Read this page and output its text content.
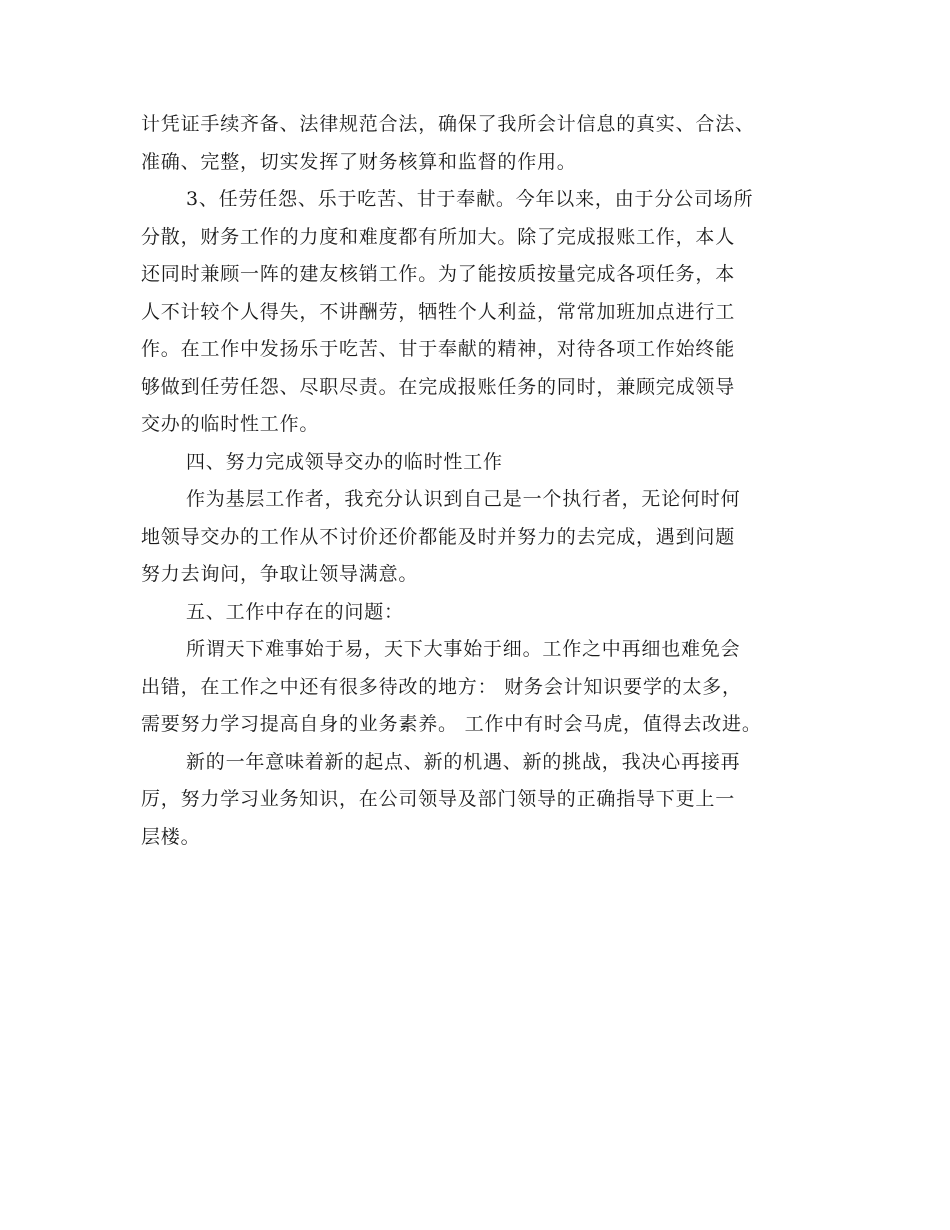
计凭证手续齐备、法律规范合法，确保了我所会计信息的真实、合法、
准确、完整，切实发挥了财务核算和监督的作用。
3、任劳任怨、乐于吃苦、甘于奉献。今年以来，由于分公司场所
分散，财务工作的力度和难度都有所加大。除了完成报账工作，本人
还同时兼顾一阵的建友核销工作。为了能按质按量完成各项任务，本
人不计较个人得失，不讲酬劳，牺牲个人利益，常常加班加点进行工
作。在工作中发扬乐于吃苦、甘于奉献的精神，对待各项工作始终能
够做到任劳任怨、尽职尽责。在完成报账任务的同时，兼顾完成领导
交办的临时性工作。
四、努力完成领导交办的临时性工作
作为基层工作者，我充分认识到自己是一个执行者，无论何时何
地领导交办的工作从不讨价还价都能及时并努力的去完成，遇到问题
努力去询问，争取让领导满意。
五、工作中存在的问题：
所谓天下难事始于易，天下大事始于细。工作之中再细也难免会
出错，在工作之中还有很多待改的地方： 财务会计知识要学的太多，
需要努力学习提高自身的业务素养。 工作中有时会马虎，值得去改进。
新的一年意味着新的起点、新的机遇、新的挑战，我决心再接再
厉，努力学习业务知识，在公司领导及部门领导的正确指导下更上一
层楼。
